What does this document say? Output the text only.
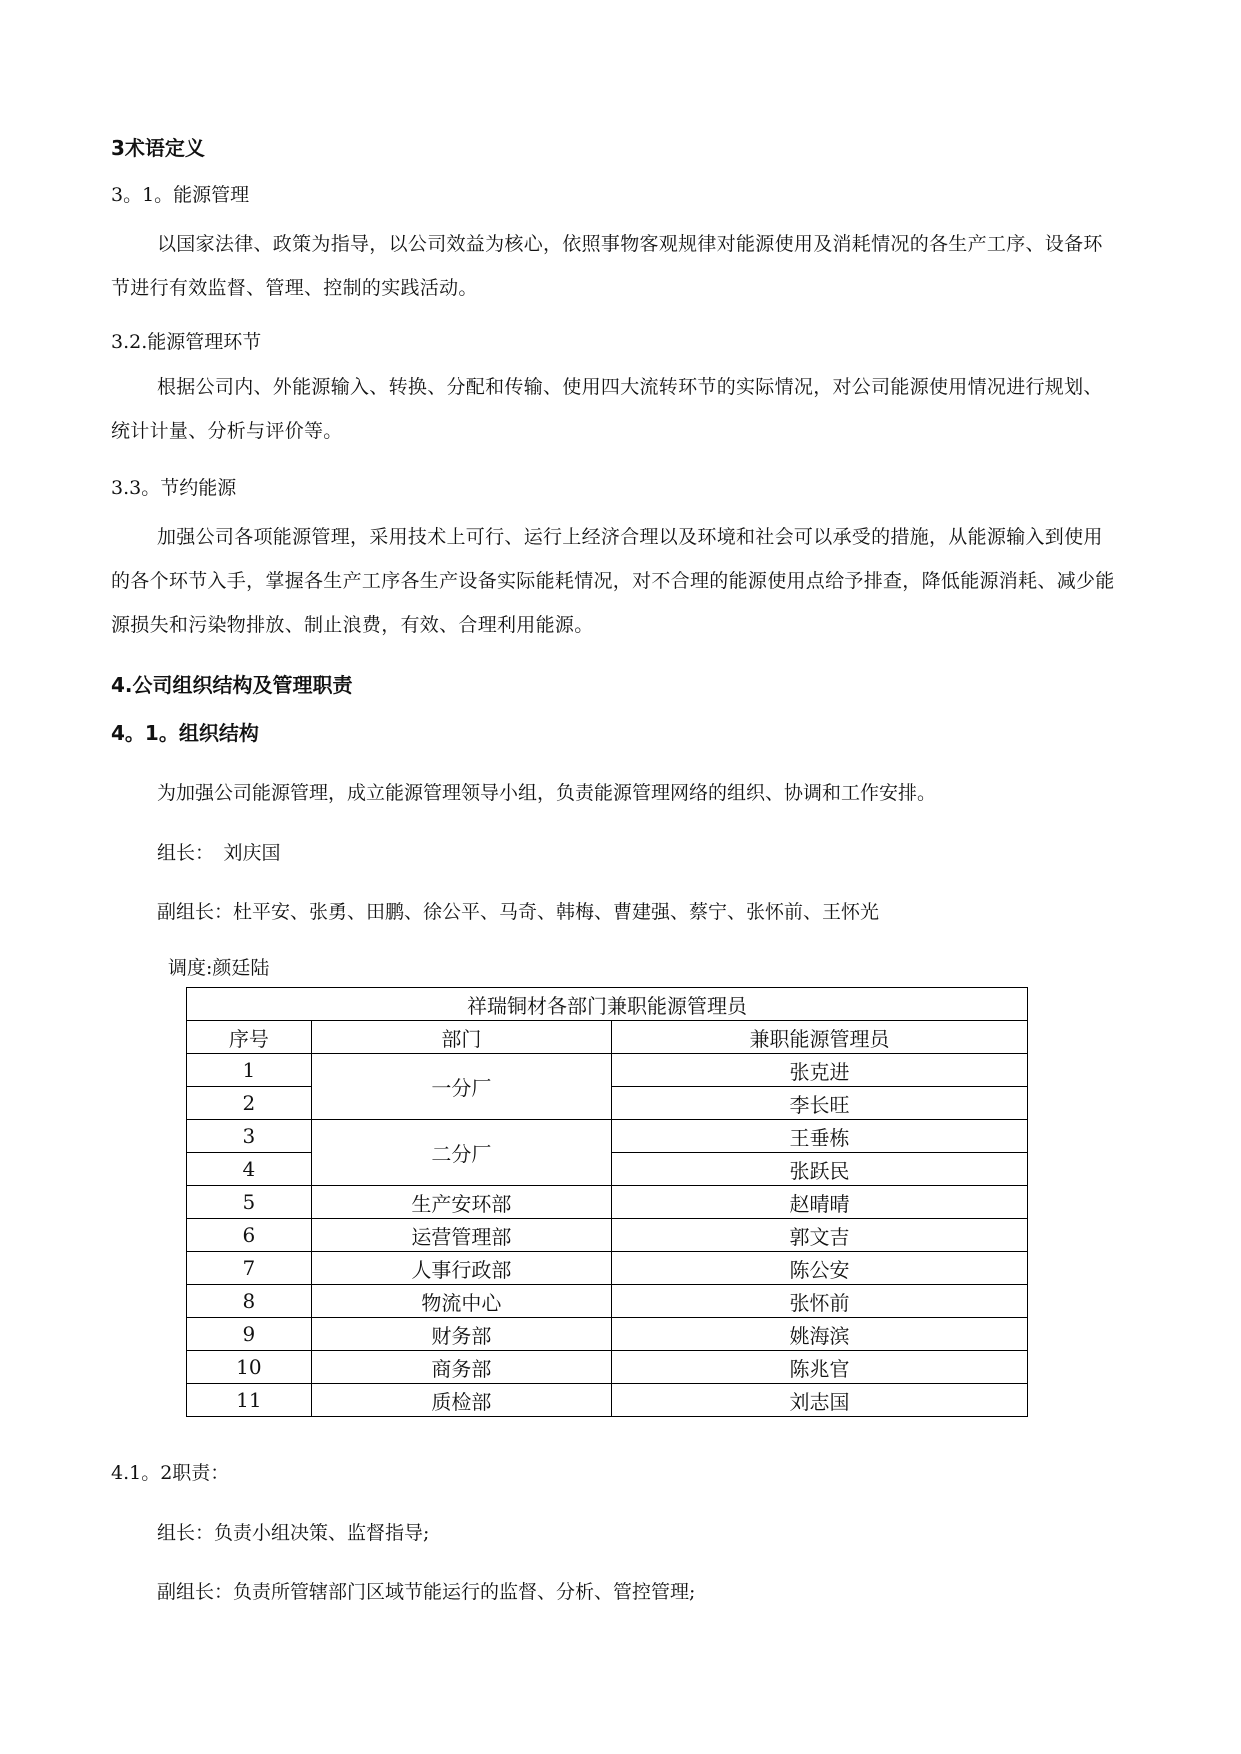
3术语定义
3。1。能源管理
以国家法律、政策为指导，以公司效益为核心，依照事物客观规律对能源使用及消耗情况的各生产工序、设备环节进行有效监督、管理、控制的实践活动。
3.2.能源管理环节
根据公司内、外能源输入、转换、分配和传输、使用四大流转环节的实际情况，对公司能源使用情况进行规划、统计计量、分析与评价等。
3.3。节约能源
加强公司各项能源管理，采用技术上可行、运行上经济合理以及环境和社会可以承受的措施，从能源输入到使用的各个环节入手，掌握各生产工序各生产设备实际能耗情况，对不合理的能源使用点给予排查，降低能源消耗、减少能源损失和污染物排放、制止浪费，有效、合理利用能源。
4.公司组织结构及管理职责
4。1。组织结构
为加强公司能源管理，成立能源管理领导小组，负责能源管理网络的组织、协调和工作安排。
组长：　刘庆国
副组长：杜平安、张勇、田鹏、徐公平、马奇、韩梅、曹建强、蔡宁、张怀前、王怀光
调度:颜廷陆
祥瑞铜材各部门兼职能源管理员		
序号	部门	兼职能源管理员
1	一分厂	张克进
2		李长旺
3	二分厂	王垂栋
4		张跃民
5	生产安环部	赵晴晴
6	运营管理部	郭文吉
7	人事行政部	陈公安
8	物流中心	张怀前
9	财务部	姚海滨
10	商务部	陈兆官
11	质检部	刘志国
4.1。2职责：
组长：负责小组决策、监督指导;
副组长：负责所管辖部门区域节能运行的监督、分析、管控管理;
